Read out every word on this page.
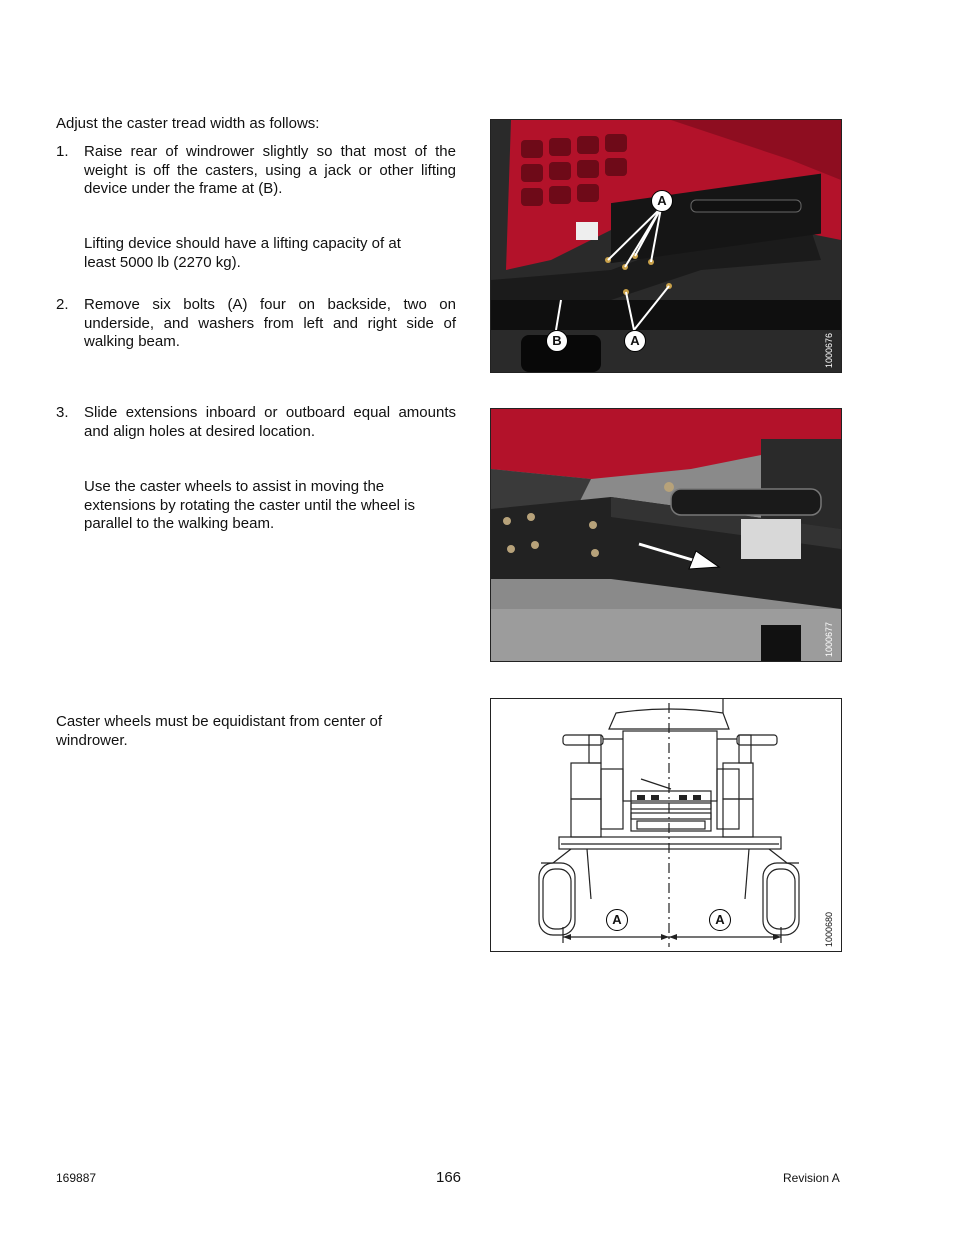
Adjust the caster tread width as follows:
1. Raise rear of windrower slightly so that most of the weight is off the casters, using a jack or other lifting device under the frame at (B).
Lifting device should have a lifting capacity of at least 5000 lb (2270 kg).
2. Remove six bolts (A) four on backside, two on underside, and washers from left and right side of walking beam.
3. Slide extensions inboard or outboard equal amounts and align holes at desired location.
Use the caster wheels to assist in moving the extensions by rotating the caster until the wheel is parallel to the walking beam.
Caster wheels must be equidistant from center of windrower.
A
B	A	1000676
1000677
A	A	1000680
169887	166	Revision A
